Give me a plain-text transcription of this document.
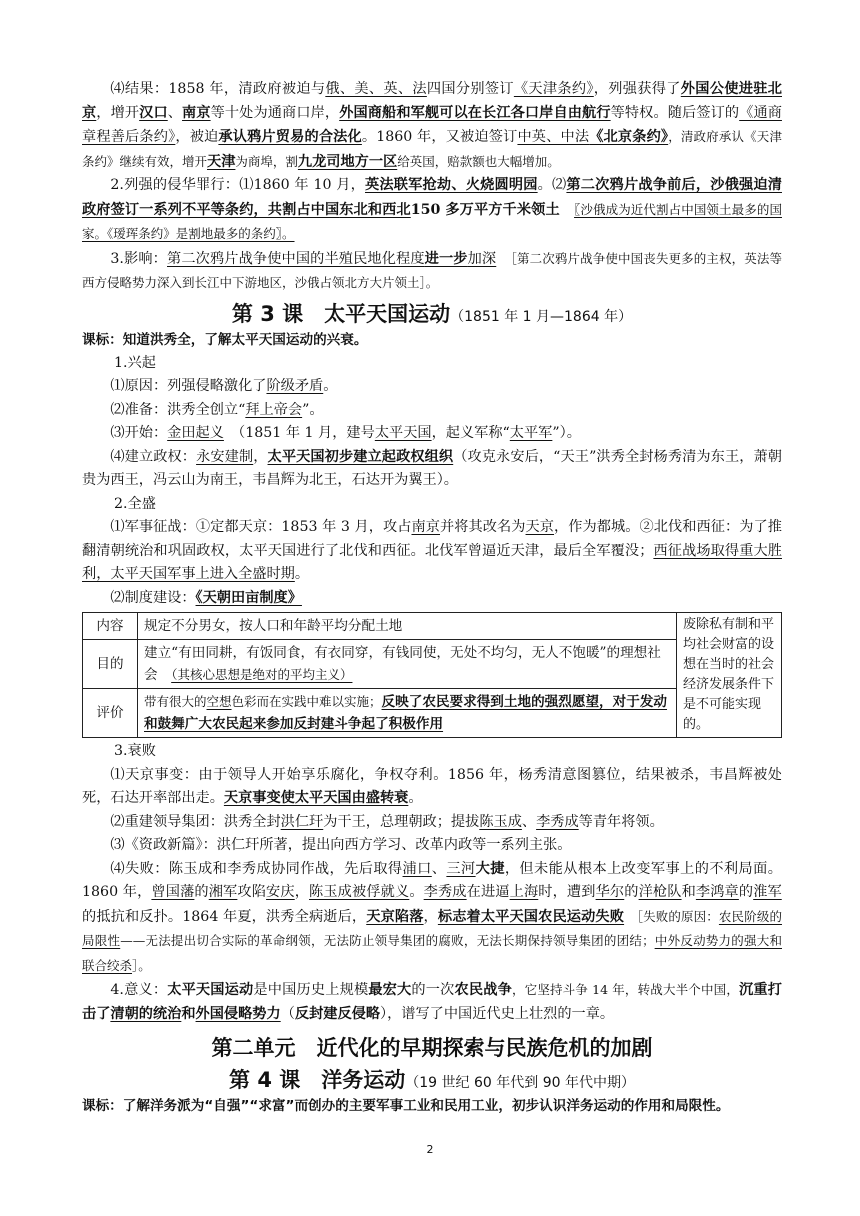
⑷结果：1858 年，清政府被迫与俄、美、英、法四国分别签订《天津条约》，列强获得了外国公使进驻北京，增开汉口、南京等十处为通商口岸，外国商船和军舰可以在长江各口岸自由航行等特权。随后签订的《通商章程善后条约》，被迫承认鸦片贸易的合法化。1860 年，又被迫签订中英、中法《北京条约》，清政府承认《天津条约》继续有效，增开天津为商埠，割九龙司地方一区给英国，赔款额也大幅增加。

2.列强的侵华罪行：⑴1860 年 10 月，英法联军抢劫、火烧圆明园。⑵第二次鸦片战争前后，沙俄强迫清政府签订一系列不平等条约，共割占中国东北和西北150 多万平方千米领土　 〖沙俄成为近代割占中国领土最多的国家。《瑷珲条约》是割地最多的条约〗。

3.影响：第二次鸦片战争使中国的半殖民地化程度进一步加深　 ［第二次鸦片战争使中国丧失更多的主权，英法等西方侵略势力深入到长江中下游地区，沙俄占领北方大片领土］。

第 3 课　太平天国运动（1851 年 1 月—1864 年）

课标：知道洪秀全，了解太平天国运动的兴衰。

1.兴起

⑴原因：列强侵略激化了阶级矛盾。

⑵准备：洪秀全创立“拜上帝会”。

⑶开始：金田起义　（1851 年 1 月，建号太平天国，起义军称“太平军”）。

⑷建立政权：永安建制，太平天国初步建立起政权组织（攻克永安后，“天王”洪秀全封杨秀清为东王，萧朝贵为西王，冯云山为南王，韦昌辉为北王，石达开为翼王）。

2.全盛

⑴军事征战：①定都天京：1853 年 3 月，攻占南京并将其改名为天京，作为都城。②北伐和西征：为了推翻清朝统治和巩固政权，太平天国进行了北伐和西征。北伐军曾逼近天津，最后全军覆没；西征战场取得重大胜利，太平天国军事上进入全盛时期。

⑵制度建设：《天朝田亩制度》

内容	规定不分男女，按人口和年龄平均分配土地	废除私有制和平均社会财富的设想在当时的社会经济发展条件下是不可能实现的。
目的	建立“有田同耕，有饭同食，有衣同穿，有钱同使，无处不均匀，无人不饱暖”的理想社会　 （其核心思想是绝对的平均主义）	
评价	带有很大的空想色彩而在实践中难以实施；反映了农民要求得到土地的强烈愿望，对于发动和鼓舞广大农民起来参加反封建斗争起了积极作用	

3.衰败

⑴天京事变：由于领导人开始享乐腐化，争权夺利。1856 年，杨秀清意图篡位，结果被杀，韦昌辉被处死，石达开率部出走。天京事变使太平天国由盛转衰。

⑵重建领导集团：洪秀全封洪仁玕为干王，总理朝政；提拔陈玉成、李秀成等青年将领。

⑶《资政新篇》：洪仁玕所著，提出向西方学习、改革内政等一系列主张。

⑷失败：陈玉成和李秀成协同作战，先后取得浦口、三河大捷，但未能从根本上改变军事上的不利局面。1860 年，曾国藩的湘军攻陷安庆，陈玉成被俘就义。李秀成在进逼上海时，遭到华尔的洋枪队和李鸿章的淮军的抵抗和反扑。1864 年夏，洪秀全病逝后，天京陷落，标志着太平天国农民运动失败　［失败的原因：农民阶级的局限性——无法提出切合实际的革命纲领，无法防止领导集团的腐败，无法长期保持领导集团的团结；中外反动势力的强大和联合绞杀］。

4.意义：太平天国运动是中国历史上规模最宏大的一次农民战争，它坚持斗争 14 年，转战大半个中国，沉重打击了清朝的统治和外国侵略势力（反封建反侵略），谱写了中国近代史上壮烈的一章。

第二单元　近代化的早期探索与民族危机的加剧
第 4 课　洋务运动（19 世纪 60 年代到 90 年代中期）

课标：了解洋务派为“自强”“求富”而创办的主要军事工业和民用工业，初步认识洋务运动的作用和局限性。

2
